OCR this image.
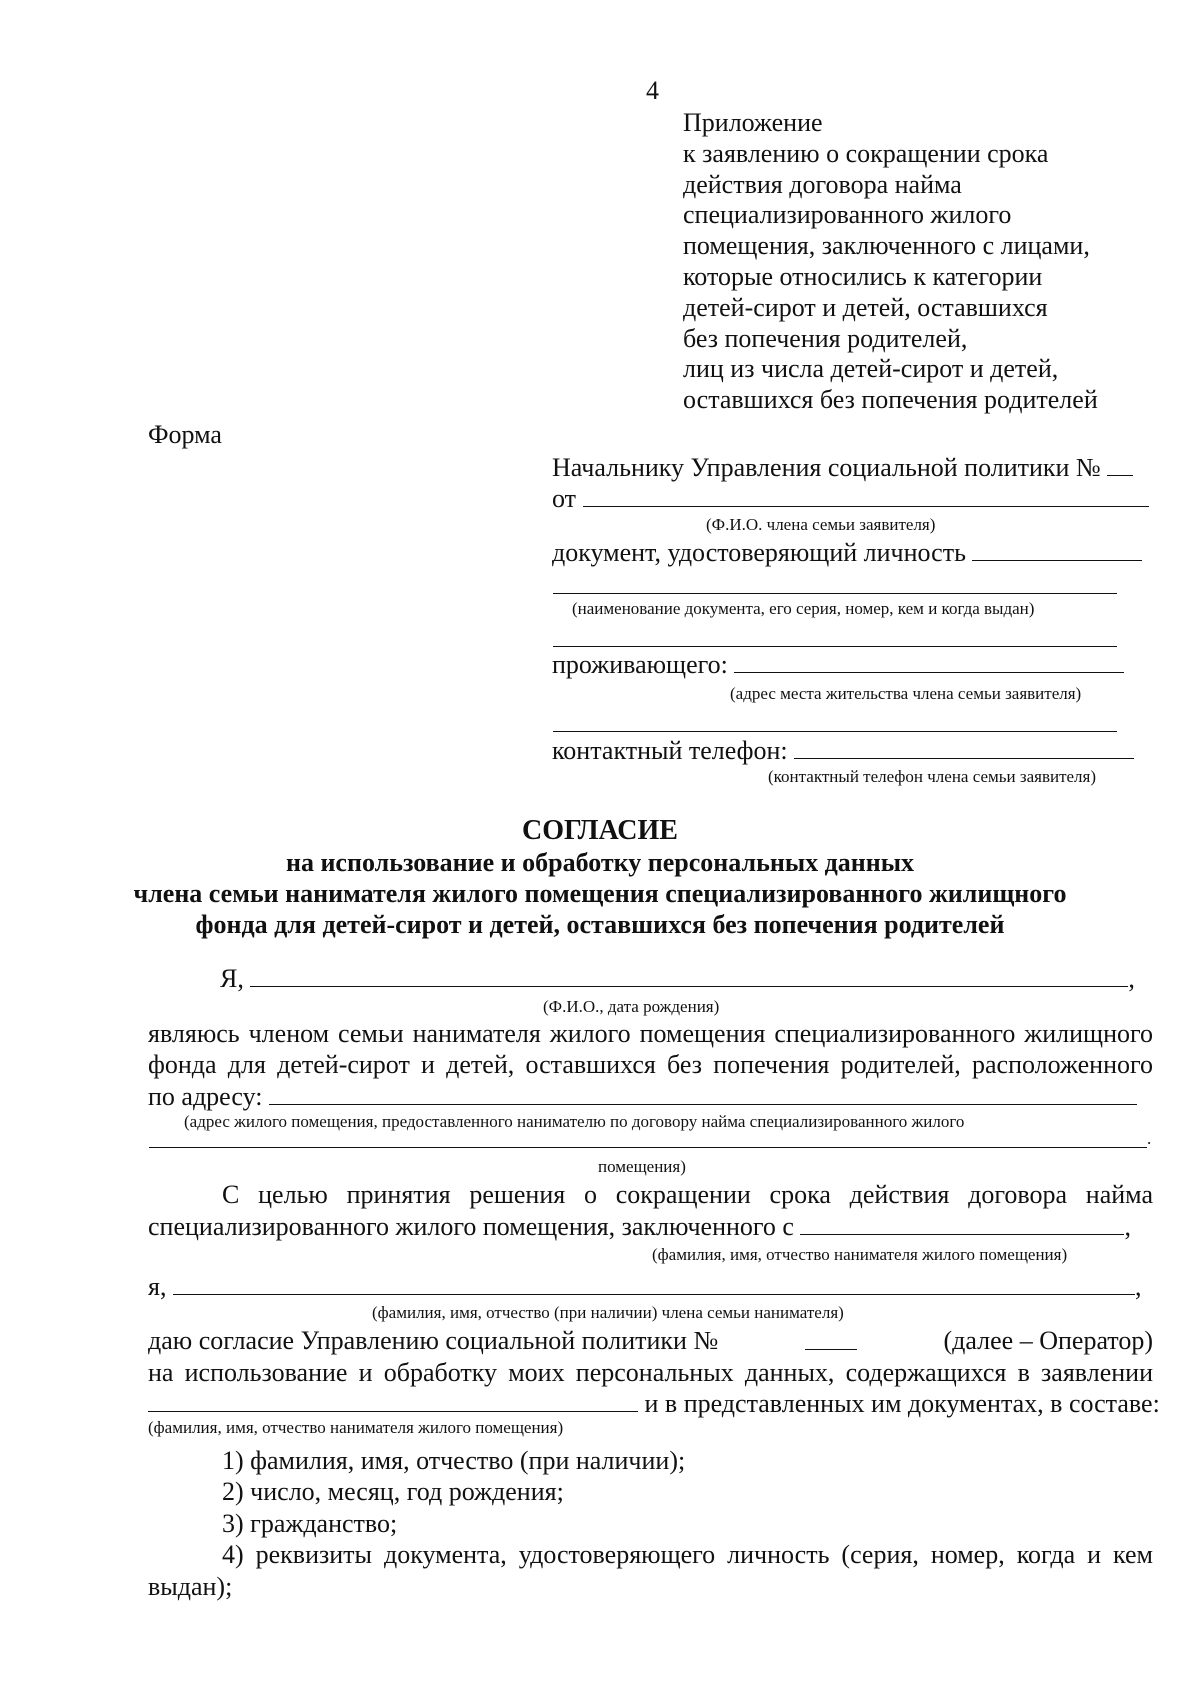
4
Приложение
к заявлению о сокращении срока
действия договора найма
специализированного жилого
помещения, заключенного с лицами,
которые относились к категории
детей-сирот и детей, оставшихся
без попечения родителей,
лиц из числа детей-сирот и детей,
оставшихся без попечения родителей
Форма
Начальнику Управления социальной политики №
от
(Ф.И.О. члена семьи заявителя)
документ, удостоверяющий личность
(наименование документа, его серия, номер, кем и когда выдан)
проживающего:
(адрес места жительства члена семьи заявителя)
контактный телефон:
(контактный телефон члена семьи заявителя)
СОГЛАСИЕ
на использование и обработку персональных данных
члена семьи нанимателя жилого помещения специализированного жилищного
фонда для детей-сирот и детей, оставшихся без попечения родителей
Я,	,
(Ф.И.О., дата рождения)
являюсь членом семьи нанимателя жилого помещения специализированного жилищного
фонда для детей-сирот и детей, оставшихся без попечения родителей, расположенного
по адресу:
(адрес жилого помещения, предоставленного нанимателю по договору найма специализированного жилого
.
помещения)
С целью принятия решения о сокращении срока действия договора найма
специализированного жилого помещения, заключенного с	,
(фамилия, имя, отчество нанимателя жилого помещения)
я,	,
(фамилия, имя, отчество (при наличии) члена семьи нанимателя)
даю согласие Управлению социальной политики №	(далее – Оператор)
на использование и обработку моих персональных данных, содержащихся в заявлении
и в представленных им документах, в составе:
(фамилия, имя, отчество нанимателя жилого помещения)
1) фамилия, имя, отчество (при наличии);
2) число, месяц, год рождения;
3) гражданство;
4) реквизиты документа, удостоверяющего личность (серия, номер, когда и кем
выдан);
